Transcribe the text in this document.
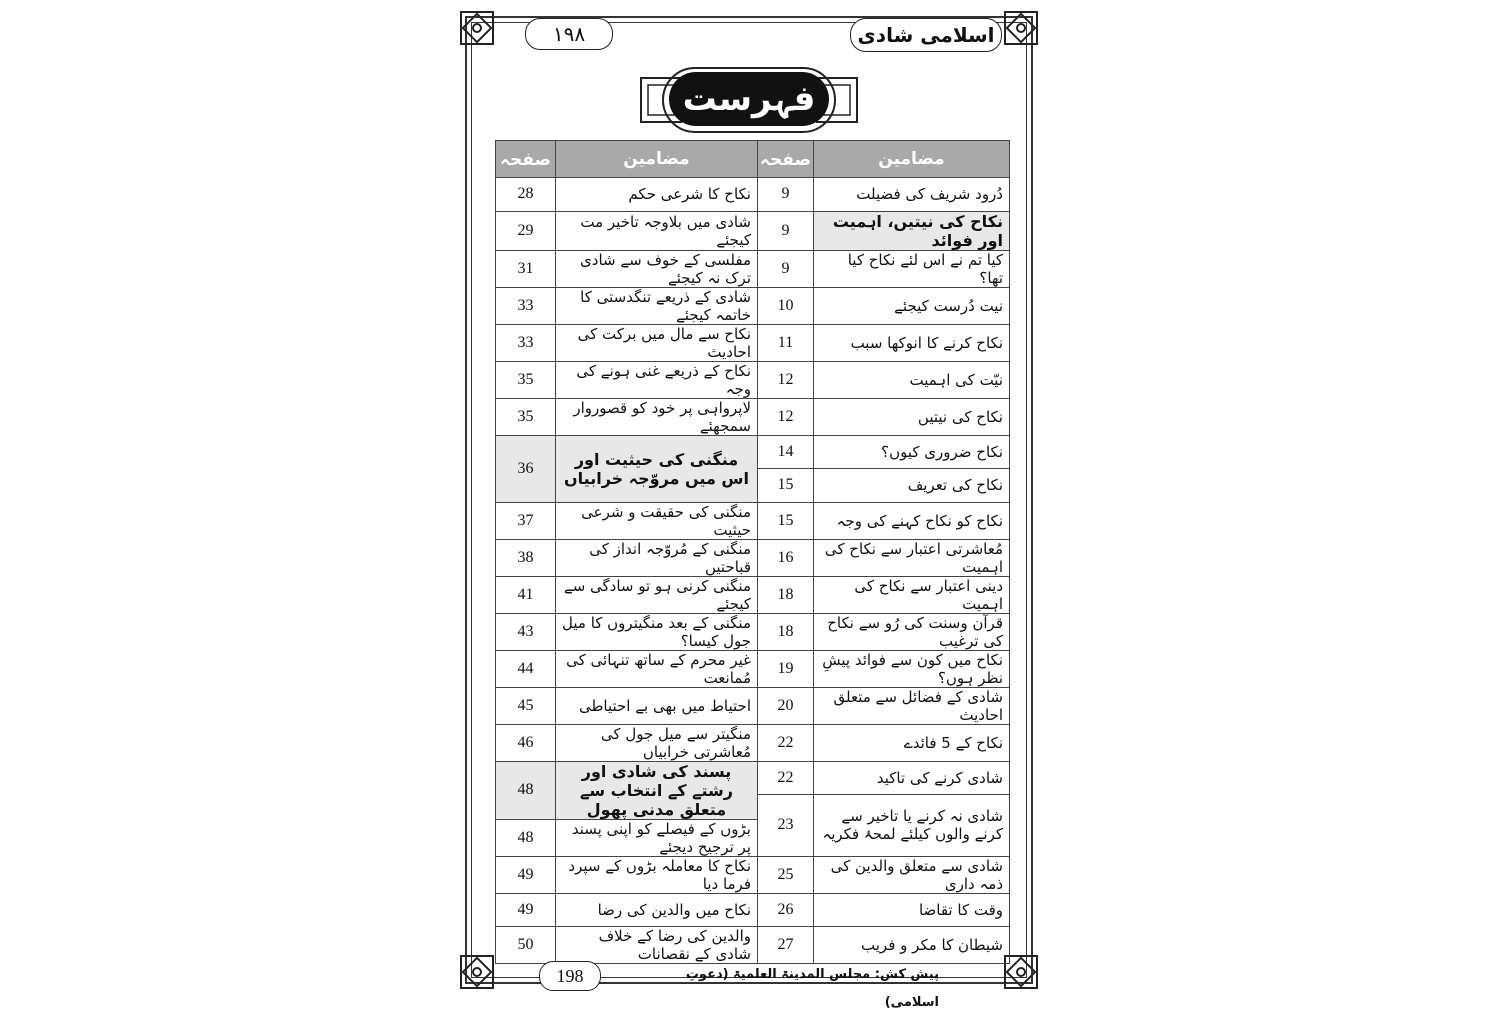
اسلامی شادی
۱۹۸
فہرست
مضامین	صفحہ	مضامین	صفحہ
دُرود شریف کی فضیلت	9	نکاح کا شرعی حکم	28
نکاح کی نیتیں، اہمیت اور فوائد	9	شادی میں بلاوجہ تاخیر مت کیجئے	29
کیا تم نے اس لئے نکاح کیا تھا؟	9	مفلسی کے خوف سے شادی ترک نہ کیجئے	31
نیت دُرست کیجئے	10	شادی کے ذریعے تنگدستی کا خاتمہ کیجئے	33
نکاح کرنے کا انوکھا سبب	11	نکاح سے مال میں برکت کی احادیث	33
نیّت کی اہمیت	12	نکاح کے ذریعے غنی ہونے کی وجہ	35
نکاح کی نیتیں	12	لاپرواہی پر خود کو قصوروار سمجھئے	35
نکاح ضروری کیوں؟	14	منگنی کی حیثیت اور اس میں مروّجہ خرابیاں	36
نکاح کی تعریف	15		
نکاح کو نکاح کہنے کی وجہ	15	منگنی کی حقیقت و شرعی حیثیت	37
مُعاشرتی اعتبار سے نکاح کی اہمیت	16	منگنی کے مُروّجہ انداز کی قباحتیں	38
دینی اعتبار سے نکاح کی اہمیت	18	منگنی کرنی ہو تو سادگی سے کیجئے	41
قرآن وسنت کی رُو سے نکاح کی ترغیب	18	منگنی کے بعد منگیتروں کا میل جول کیسا؟	43
نکاح میں کون سے فوائد پیشِ نظر ہوں؟	19	غیر محرم کے ساتھ تنہائی کی مُمانعت	44
شادی کے فضائل سے متعلق احادیث	20	احتیاط میں بھی بے احتیاطی	45
نکاح کے 5 فائدے	22	منگیتر سے میل جول کی مُعاشرتی خرابیاں	46
شادی کرنے کی تاکید	22	پسند کی شادی اور رشتے کے انتخاب سے متعلق مدنی پھول	48
شادی نہ کرنے یا تاخیر سے کرنے والوں کیلئے لمحۂ فکریہ	23		
		بڑوں کے فیصلے کو اپنی پسند پر ترجیح دیجئے	48
شادی سے متعلق والدین کی ذمہ داری	25	نکاح کا معاملہ بڑوں کے سپرد فرما دیا	49
وقت کا تقاضا	26	نکاح میں والدین کی رضا	49
شیطان کا مکر و فریب	27	والدین کی رضا کے خلاف شادی کے نقصانات	50
198	پیش کش: مجلس المدینۃ العلمیۃ (دعوتِ اسلامی)
